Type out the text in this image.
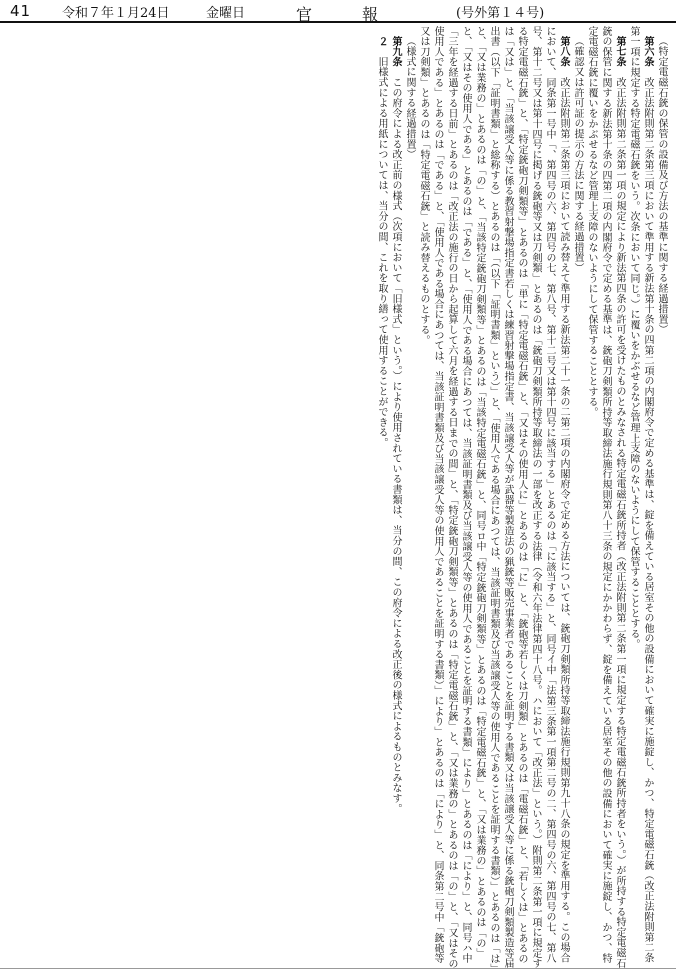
41 令和７年１月24日	金曜日	官	報	(号外第１４号)

（特定電磁石銃の保管の設備及び方法の基準に関する経過措置）

第六条　改正法附則第二条第三項において準用する新法第十条の四第二項の内閣府令で定める基準は、錠を備えている居室その他の設備において確実に施錠し、かつ、特定電磁石銃（改正法附則第二条第一項に規定する特定電磁石銃をいう。次条において同じ。）に覆いをかぶせるなど管理上支障のないようにして保管することとする。

第七条　改正法附則第二条第一項の規定により新法第四条の許可を受けたものとみなされる特定電磁石銃所持者（改正法附則第二条第一項に規定する特定電磁石銃所持者をいう。）が所持する特定電磁石銃の保管に関する新法第十条の四第二項の内閣府令で定める基準は、銃砲刀剣類所持等取締法施行規則第八十三条の規定にかかわらず、錠を備えている居室その他の設備において確実に施錠し、かつ、特定電磁石銃に覆いをかぶせるなど管理上支障のないようにして保管することとする。

（確認又は許可証の提示の方法に関する経過措置）

第八条　改正法附則第二条第三項において読み替えて準用する新法第二十一条の二第二項の内閣府令で定める方法については、銃砲刀剣類所持等取締法施行規則第九十八条の規定を準用する。この場合において、同条第一号中「、第四号の六、第四号の七、第八号、第十二号又は第十四号に該当する」とあるのは「に該当する」と、同号イ中「法第三条第一項第二号の二、第四号の六、第四号の七、第八号、第十二号又は第十四号に掲げる銃砲等又は刀剣類」とあるのは「銃砲刀剣類所持等取締法の一部を改正する法律（令和六年法律第四十八号。ハにおいて「改正法」という。）附則第二条第一項に規定する特定電磁石銃」と、「特定銃砲刀剣類等」とあるのは「単に「特定電磁石銃」と、「又はその使用人に」とあるのは「に」と、「銃砲等若しくは刀剣類」とあるのは「電磁石銃」と、「若しくは」とあるのは「又は」と、「当該譲受人等に係る教習射撃場指定書若しくは練習射撃場指定書、当該譲受人等が武器等製造法の猟銃等販売事業者であることを証明する書類又は当該譲受人等に係る銃砲刀剣類製造等届出書（以下「証明書類」と総称する）とあるのは「（以下「証明書類」という）」と、「使用人である場合にあつては、当該証明書類及び当該譲受人等の使用人であることを証明する書類）」とあるのは「は」と、「又は業務の」とあるのは「の」と、「当該特定銃砲刀剣類等」とあるのは「当該特定電磁石銃」と、同号ロ中「特定銃砲刀剣類等」とあるのは「特定電磁石銃」と、「又は業務の」とあるのは「の」と、「又はその使用人である」とあるのは「である」と、「使用人である場合にあつては、当該証明書類及び当該譲受人等の使用人であることを証明する書類」により」とあるのは「により」と、同号ハ中「三年を経過する日前」とあるのは「改正法の施行の日から起算して六月を経過する日までの間」と、「特定銃砲刀剣類等」とあるのは「特定電磁石銃」と、「又は業務の」とあるのは「の」と、「又はその使用人である」とあるのは「である」と、「使用人である場合にあつては、当該証明書類及び当該譲受人等の使用人であることを証明する書類）」により」とあるのは「により」と、同条第二号中「銃砲等又は刀剣類」とあるのは「特定電磁石銃」と読み替えるものとする。

（様式に関する経過措置）

第九条　この府令による改正前の様式（次項において「旧様式」という。）により使用されている書類は、当分の間、この府令による改正後の様式によるものとみなす。

２　旧様式による用紙については、当分の間、これを取り繕って使用することができる。
